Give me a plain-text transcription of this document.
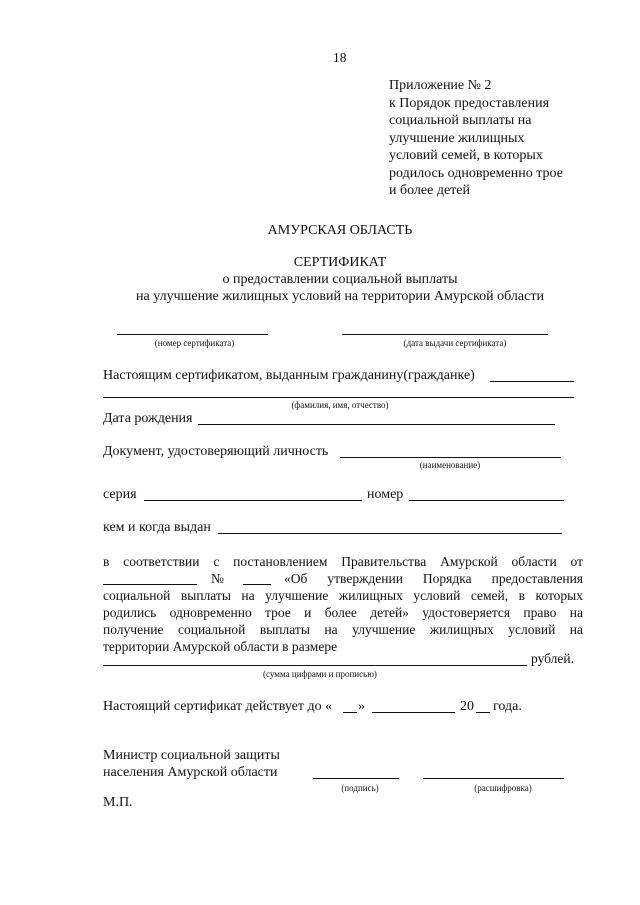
18
Приложение № 2
к Порядок предоставления
социальной выплаты на
улучшение жилищных
условий семей, в которых
родилось одновременно трое
и более детей
АМУРСКАЯ ОБЛАСТЬ
СЕРТИФИКАТ
о предоставлении социальной выплаты
на улучшение жилищных условий на территории Амурской области
(номер сертификата)	(дата выдачи сертификата)
Настоящим сертификатом, выданным гражданину(гражданке)
(фамилия, имя, отчество)
Дата рождения
Документ, удостоверяющий личность
(наименование)
серия	номер
кем и когда выдан
в соответствии с постановлением Правительства Амурской области от
№	«Об утверждении Порядка предоставления
социальной выплаты на улучшение жилищных условий семей, в которых
родились одновременно трое и более детей» удостоверяется право на
получение социальной выплаты на улучшение жилищных условий на
территории Амурской области в размере
рублей.
(сумма цифрами и прописью)
Настоящий сертификат действует до « »	20 года.
Министр социальной защиты
населения Амурской области
(подпись)	(расшифровка)
М.П.
